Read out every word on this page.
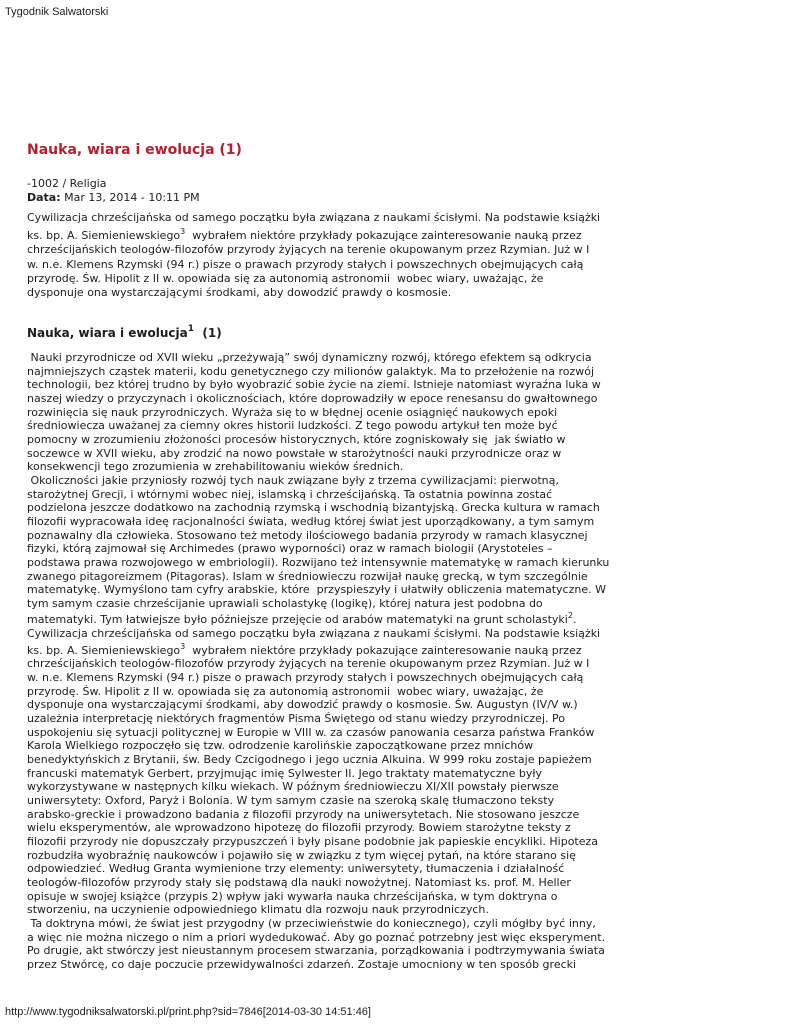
Tygodnik Salwatorski
Nauka, wiara i ewolucja (1)
-1002 / Religia
Data: Mar 13, 2014 - 10:11 PM
Cywilizacja chrześcijańska od samego początku była związana z naukami ścisłymi. Na podstawie książki
ks. bp. A. Siemieniewskiego$^3$  wybrałem niektóre przykłady pokazujące zainteresowanie nauką przez
chrześcijańskich teologów-filozofów przyrody żyjących na terenie okupowanym przez Rzymian. Już w I
w. n.e. Klemens Rzymski (94 r.) pisze o prawach przyrody stałych i powszechnych obejmujących całą
przyrodę. Św. Hipolit z II w. opowiada się za autonomią astronomii  wobec wiary, uważając, że
dysponuje ona wystarczającymi środkami, aby dowodzić prawdy o kosmosie.
Nauka, wiara i ewolucja$^1$  (1)
Nauki przyrodnicze od XVII wieku „przeżywają” swój dynamiczny rozwój, którego efektem są odkrycia
najmniejszych cząstek materii, kodu genetycznego czy milionów galaktyk. Ma to przełożenie na rozwój
technologii, bez której trudno by było wyobrazić sobie życie na ziemi. Istnieje natomiast wyraźna luka w
naszej wiedzy o przyczynach i okolicznościach, które doprowadziły w epoce renesansu do gwałtownego
rozwinięcia się nauk przyrodniczych. Wyraża się to w błędnej ocenie osiągnięć naukowych epoki
średniowiecza uważanej za ciemny okres historii ludzkości. Z tego powodu artykuł ten może być
pomocny w zrozumieniu złożoności procesów historycznych, które zogniskowały się  jak światło w
soczewce w XVII wieku, aby zrodzić na nowo powstałe w starożytności nauki przyrodnicze oraz w
konsekwencji tego zrozumienia w zrehabilitowaniu wieków średnich.
Okoliczności jakie przyniosły rozwój tych nauk związane były z trzema cywilizacjami: pierwotną,
starożytnej Grecji, i wtórnymi wobec niej, islamską i chrześcijańską. Ta ostatnia powinna zostać
podzielona jeszcze dodatkowo na zachodnią rzymską i wschodnią bizantyjską. Grecka kultura w ramach
filozofii wypracowała ideę racjonalności świata, według której świat jest uporządkowany, a tym samym
poznawalny dla człowieka. Stosowano też metody ilościowego badania przyrody w ramach klasycznej
fizyki, którą zajmował się Archimedes (prawo wyporności) oraz w ramach biologii (Arystoteles –
podstawa prawa rozwojowego w embriologii). Rozwijano też intensywnie matematykę w ramach kierunku
zwanego pitagoreizmem (Pitagoras). Islam w średniowieczu rozwijał naukę grecką, w tym szczególnie
matematykę. Wymyślono tam cyfry arabskie, które  przyspieszyły i ułatwiły obliczenia matematyczne. W
tym samym czasie chrześcijanie uprawiali scholastykę (logikę), której natura jest podobna do
matematyki. Tym łatwiejsze było późniejsze przejęcie od arabów matematyki na grunt scholastyki$^2$.
Cywilizacja chrześcijańska od samego początku była związana z naukami ścisłymi. Na podstawie książki
ks. bp. A. Siemieniewskiego$^3$  wybrałem niektóre przykłady pokazujące zainteresowanie nauką przez
chrześcijańskich teologów-filozofów przyrody żyjących na terenie okupowanym przez Rzymian. Już w I
w. n.e. Klemens Rzymski (94 r.) pisze o prawach przyrody stałych i powszechnych obejmujących całą
przyrodę. Św. Hipolit z II w. opowiada się za autonomią astronomii  wobec wiary, uważając, że
dysponuje ona wystarczającymi środkami, aby dowodzić prawdy o kosmosie. Św. Augustyn (IV/V w.)
uzależnia interpretację niektórych fragmentów Pisma Świętego od stanu wiedzy przyrodniczej. Po
uspokojeniu się sytuacji politycznej w Europie w VIII w. za czasów panowania cesarza państwa Franków
Karola Wielkiego rozpoczęło się tzw. odrodzenie karolińskie zapoczątkowane przez mnichów
benedyktyńskich z Brytanii, św. Bedy Czcigodnego i jego ucznia Alkuina. W 999 roku zostaje papieżem
francuski matematyk Gerbert, przyjmując imię Sylwester II. Jego traktaty matematyczne były
wykorzystywane w następnych kilku wiekach. W późnym średniowieczu XI/XII powstały pierwsze
uniwersytety: Oxford, Paryż i Bolonia. W tym samym czasie na szeroką skalę tłumaczono teksty
arabsko-greckie i prowadzono badania z filozofii przyrody na uniwersytetach. Nie stosowano jeszcze
wielu eksperymentów, ale wprowadzono hipotezę do filozofii przyrody. Bowiem starożytne teksty z
filozofii przyrody nie dopuszczały przypuszczeń i były pisane podobnie jak papieskie encykliki. Hipoteza
rozbudziła wyobraźnię naukowców i pojawiło się w związku z tym więcej pytań, na które starano się
odpowiedzieć. Według Granta wymienione trzy elementy: uniwersytety, tłumaczenia i działalność
teologów-filozofów przyrody stały się podstawą dla nauki nowożytnej. Natomiast ks. prof. M. Heller
opisuje w swojej książce (przypis 2) wpływ jaki wywarła nauka chrześcijańska, w tym doktryna o
stworzeniu, na uczynienie odpowiedniego klimatu dla rozwoju nauk przyrodniczych.
Ta doktryna mówi, że świat jest przygodny (w przeciwieństwie do koniecznego), czyli mógłby być inny,
a więc nie można niczego o nim a priori wydedukować. Aby go poznać potrzebny jest więc eksperyment.
Po drugie, akt stwórczy jest nieustannym procesem stwarzania, porządkowania i podtrzymywania świata
przez Stwórcę, co daje poczucie przewidywalności zdarzeń. Zostaje umocniony w ten sposób grecki
http://www.tygodniksalwatorski.pl/print.php?sid=7846[2014-03-30 14:51:46]
